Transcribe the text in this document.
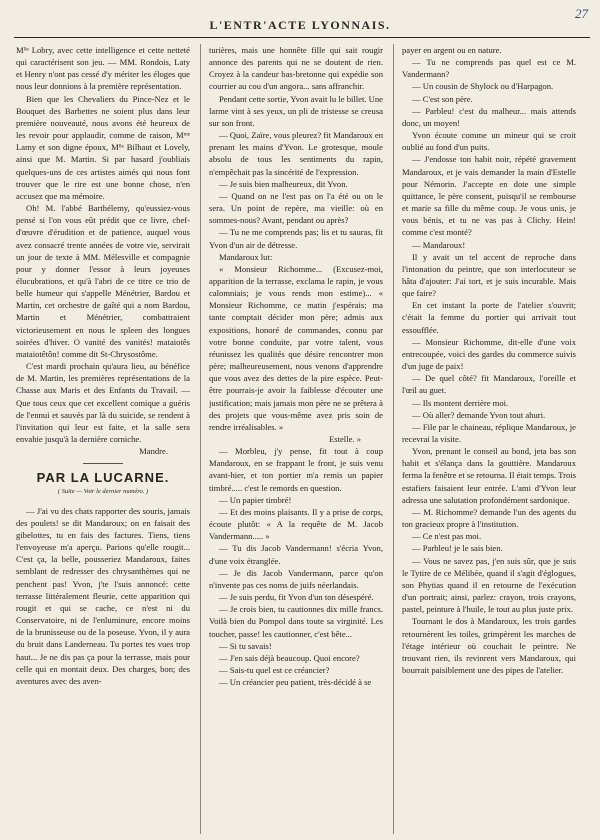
L'ENTR'ACTE LYONNAIS.
27

Mˡˡᵉ Lobry, avec cette intelligence et cette netteté qui caractérisent son jeu. — MM. Rondois, Laty et Henry n'ont pas cessé d'y mériter les éloges que nous leur donnions à la première représentation.

Bien que les Chevaliers du Pince-Nez et le Bouquet des Barbettes ne soient plus dans leur première nouveauté, nous avons été heureux de les revoir pour applaudir, comme de raison, Mᵐᵉ Lamy et son digne époux, Mˡˡᵉ Bilhaut et Lovely, ainsi que M. Martin. Si par hasard j'oubliais quelques-uns de ces artistes aimés qui nous font trouver que le rire est une bonne chose, n'en accusez que ma mémoire.

Oh! M. l'abbé Barthélemy, qu'eussiez-vous pensé si l'on vous eût prédit que ce livre, chef-d'œuvre d'érudition et de patience, auquel vous avez consacré trente années de votre vie, servirait un jour de texte à MM. Mélesville et compagnie pour y donner l'essor à leurs joyeuses élucubrations, et qu'à l'abri de ce titre ce trio de belle humeur qui s'appelle Ménétrier, Bardou et Martin, cet orchestre de gaîté qui a nom Bardou, Martin et Ménétrier, combattraient victorieusement en nous le spleen des longues soirées d'hiver. O vanité des vanités! mataiotês mataiotêtôn! comme dit St-Chrysostôme.

C'est mardi prochain qu'aura lieu, au bénéfice de M. Martin, les premières représentations de la Chasse aux Maris et des Enfants du Travail. — Que tous ceux que cet excellent comique a guéris de l'ennui et sauvés par là du suicide, se rendent à l'invitation qui leur est faite, et la salle sera envahie jusqu'à la dernière corniche.

Mandre.

PAR LA LUCARNE.
( Suite — Voir le dernier numéro. )

— J'ai vu des chats rapporter des souris, jamais des poulets! se dit Mandaroux; on en faisait des gibelottes, tu en fais des factures. Tiens, tiens l'envoyeuse m'a aperçu. Parions qu'elle rougit... C'est ça, la belle, pousseriez Mandaroux, faites semblant de redresser des chrysanthèmes qui ne penchent pas! Yvon, j'te l'suis annoncé: cette terrasse littéralement fleurie, cette apparition qui rougit et qui se cache, ce n'est ni du Conservatoire, ni de l'enluminure, encore moins de la brunisseuse ou de la poseuse. Yvon, il y aura du bruit dans Landerneau. Tu portes tes vues trop haut... Je ne dis pas ça pour la terrasse, mais pour celle qui en montait deux. Des charges, bon; des aventures avec des aven-

turières, mais une honnête fille qui sait rougir annonce des parents qui ne se doutent de rien. Croyez à la candeur bas-bretonne qui expédie son courrier au cou d'un angora... sans affranchir.

Pendant cette sortie, Yvon avait lu le billet. Une larme vint à ses yeux, un pli de tristesse se creusa sur son front.

— Quoi, Zaïre, vous pleurez? fit Mandaroux en prenant les mains d'Yvon. Le grotesque, moule absolu de tous les sentiments du rapin, n'empêchait pas la sincérité de l'expression.

— Je suis bien malheureux, dit Yvon.

— Quand on ne l'est pas on l'a été ou on le sera. Un point de repère, ma vieille: où en sommes-nous? Avant, pendant ou après?

— Tu ne me comprends pas; lis et tu sauras, fit Yvon d'un air de détresse.

Mandaroux lut:

« Monsieur Richomme... (Excusez-moi, apparition de la terrasse, exclama le rapin, je vous calomniais; je vous rends mon estime)... « Monsieur Richomme, ce matin j'espérais; ma tante comptait décider mon père; admis aux expositions, honoré de commandes, connu par votre bonne conduite, par votre talent, vous réunissez les qualités que désire rencontrer mon père; malheureusement, nous venons d'apprendre que vous avez des dettes de la pire espèce. Peut-être pourrais-je avoir la faiblesse d'écouter une justification; mais jamais mon père ne se prêtera à des projets que vous-même avez pris soin de rendre irréalisables. »

Estelle. »

— Morbleu, j'y pense, fit tout à coup Mandaroux, en se frappant le front, je suis venu avant-hier, et ton portier m'a remis un papier timbré..... c'est le remords en question.

— Un papier timbré!

— Et des moins plaisants. Il y a prise de corps, écoute plutôt: « A la requête de M. Jacob Vandermann..... »

— Tu dis Jacob Vandermann! s'écria Yvon, d'une voix étranglée.

— Je dis Jacob Vandermann, parce qu'on n'invente pas ces noms de juifs néerlandais.

— Je suis perdu, fit Yvon d'un ton désespéré.

— Je crois bien, tu cautionnes dix mille francs. Voilà bien du Pompol dans toute sa virginité. Les toucher, passe! les cautionner, c'est bête...

— Si tu savais!

— J'en sais déjà beaucoup. Quoi encore?

— Sais-tu quel est ce créancier?

— Un créancier peu patient, très-décidé à se

payer en argent ou en nature.

— Tu ne comprends pas quel est ce M. Vandermann?

— Un cousin de Shylock ou d'Harpagon.

— C'est son père.

— Parbleu! c'est du malheur... mais attends donc, un moyen!

Yvon écoute comme un mineur qui se croit oublié au fond d'un puits.

— J'endosse ton habit noir, répété gravement Mandaroux, et je vais demander la main d'Estelle pour Némorin. J'accepte en dote une simple quittance, le père consent, puisqu'il se rembourse et marie sa fille du même coup. Je vous unis, je vous bénis, et tu ne vas pas à Clichy. Hein! comme c'est monté?

— Mandaroux!

Il y avait un tel accent de reproche dans l'intonation du peintre, que son interlocuteur se hâta d'ajouter: J'ai tort, et je suis incurable. Mais que faire?

En cet instant la porte de l'atelier s'ouvrit; c'était la femme du portier qui arrivait tout essoufflée.

— Monsieur Richomme, dit-elle d'une voix entrecoupée, voici des gardes du commerce suivis d'un juge de paix!

— De quel côté? fit Mandaroux, l'oreille et l'œil au guet.

— Ils montent derrière moi.

— Où aller? demande Yvon tout ahuri.

— File par le chaineau, réplique Mandaroux, je recevrai la visite.

Yvon, prenant le conseil au bond, jeta bas son habit et s'élança dans la gouttière. Mandaroux ferma la fenêtre et se retourna. Il était temps. Trois estafiers faisaient leur entrée. L'ami d'Yvon leur adressa une salutation profondément sardonique.

— M. Richomme? demande l'un des agents du ton gracieux propre à l'institution.

— Ce n'est pas moi.

— Parbleu! je le sais bien.

— Vous ne savez pas, j'en suis sûr, que je suis le Tytire de ce Mélibée, quand il s'agit d'églogues, son Phytias quand il en retourne de l'exécution d'un portrait; ainsi, parlez: crayon, trois crayons, pastel, peinture à l'huile, le tout au plus juste prix.

Tournant le dos à Mandaroux, les trois gardes retournèrent les toiles, grimpèrent les marches de l'étage intérieur où couchait le peintre. Ne trouvant rien, ils revinrent vers Mandaroux, qui bourrait paisiblement une des pipes de l'atelier.
